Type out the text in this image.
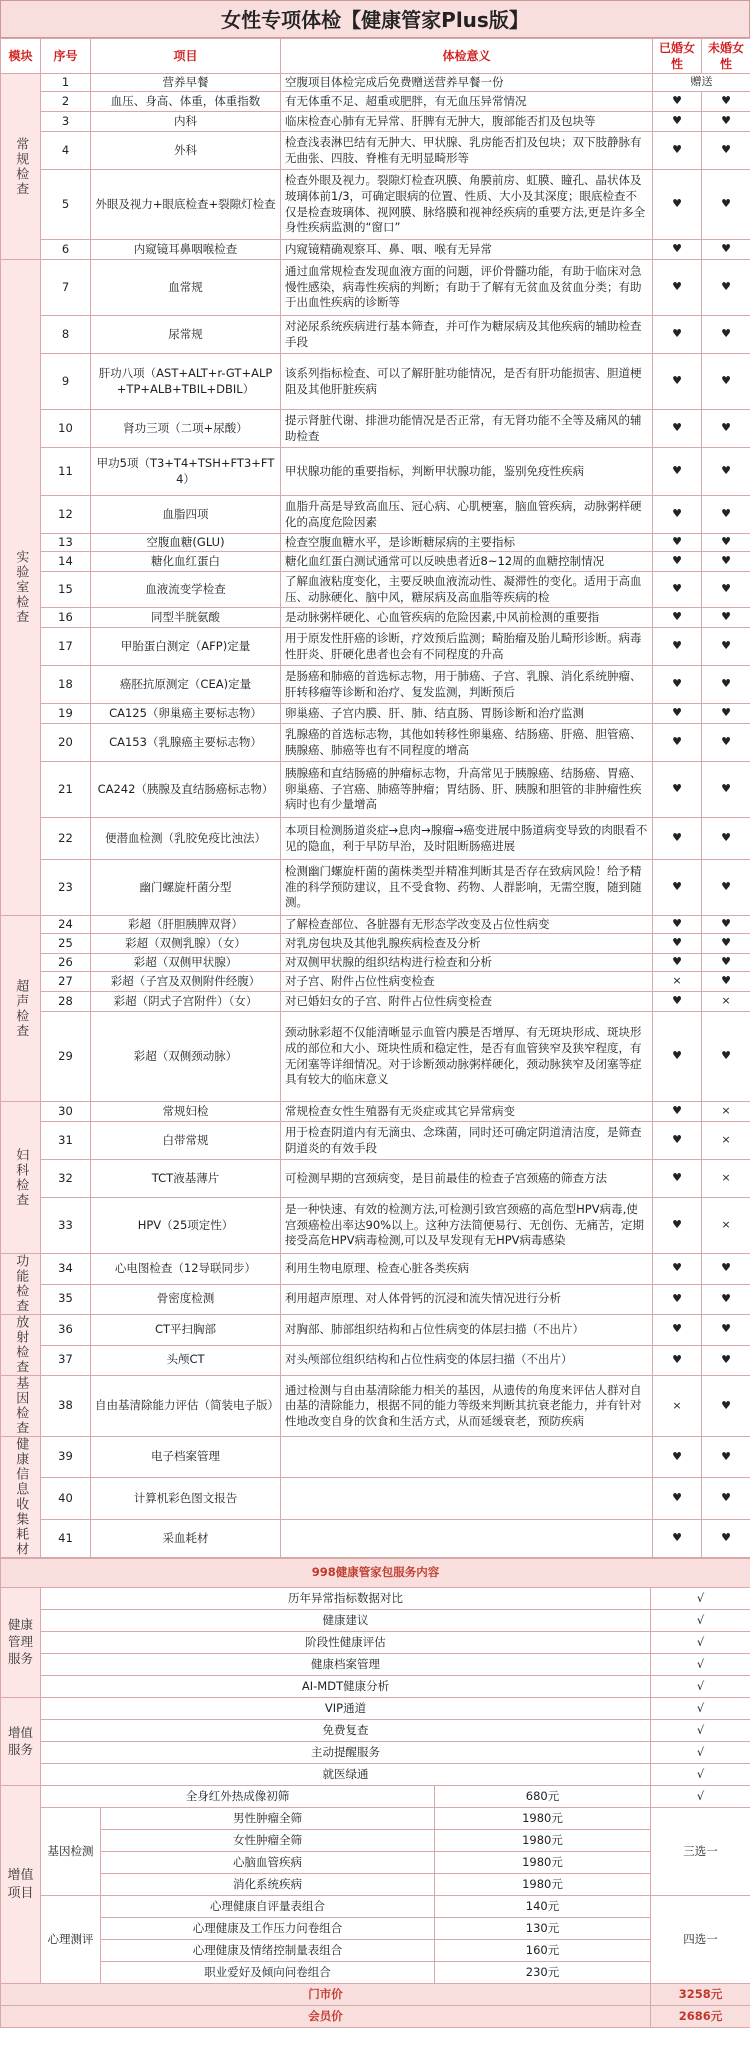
女性专项体检【健康管家Plus版】
模块	序号	项目	体检意义	已婚女性	未婚女性

常规检查	1	营养早餐	空腹项目体检完成后免费赠送营养早餐一份	赠送	
	2	血压、身高、体重，体重指数	有无体重不足、超重或肥胖，有无血压异常情况	♥	♥
	3	内科	临床检查心肺有无异常、肝脾有无肿大，腹部能否扪及包块等	♥	♥
	4	外科	检查浅表淋巴结有无肿大、甲状腺、乳房能否扪及包块；双下肢静脉有无曲张、四肢、脊椎有无明显畸形等	♥	♥
	5	外眼及视力+眼底检查+裂隙灯检查	检查外眼及视力。裂隙灯检查巩膜、角膜前房、虹膜、瞳孔、晶状体及玻璃体前1/3，可确定眼病的位置、性质、大小及其深度；眼底检查不仅是检查玻璃体、视网膜、脉络膜和视神经疾病的重要方法,更是许多全身性疾病监测的“窗口”	♥	♥
	6	内窥镜耳鼻咽喉检查	内窥镜精确观察耳、鼻、咽、喉有无异常	♥	♥

实验室检查	7	血常规	通过血常规检查发现血液方面的问题，评价骨髓功能，有助于临床对急慢性感染，病毒性疾病的判断；有助于了解有无贫血及贫血分类；有助于出血性疾病的诊断等	♥	♥
	8	尿常规	对泌尿系统疾病进行基本筛查，并可作为糖尿病及其他疾病的辅助检查手段	♥	♥
	9	肝功八项（AST+ALT+r-GT+ALP+TP+ALB+TBIL+DBIL）	该系列指标检查、可以了解肝脏功能情况，是否有肝功能损害、胆道梗阻及其他肝脏疾病	♥	♥
	10	肾功三项（二项+尿酸）	提示肾脏代谢、排泄功能情况是否正常，有无肾功能不全等及痛风的辅助检查	♥	♥
	11	甲功5项（T3+T4+TSH+FT3+FT4）	甲状腺功能的重要指标，判断甲状腺功能，鉴别免疫性疾病	♥	♥
	12	血脂四项	血脂升高是导致高血压、冠心病、心肌梗塞，脑血管疾病，动脉粥样硬化的高度危险因素	♥	♥
	13	空腹血糖(GLU)	检查空腹血糖水平，是诊断糖尿病的主要指标	♥	♥
	14	糖化血红蛋白	糖化血红蛋白测试通常可以反映患者近8~12周的血糖控制情况	♥	♥
	15	血液流变学检查	了解血液粘度变化，主要反映血液流动性、凝滞性的变化。适用于高血压、动脉硬化、脑中风，糖尿病及高血脂等疾病的检	♥	♥
	16	同型半胱氨酸	是动脉粥样硬化、心血管疾病的危险因素,中风前检测的重要指	♥	♥
	17	甲胎蛋白测定（AFP)定量	用于原发性肝癌的诊断，疗效预后监测；畸胎瘤及胎儿畸形诊断。病毒性肝炎、肝硬化患者也会有不同程度的升高	♥	♥
	18	癌胚抗原测定（CEA)定量	是肠癌和肺癌的首选标志物，用于肺癌、子宫、乳腺、消化系统肿瘤、肝转移瘤等诊断和治疗、复发监测，判断预后	♥	♥
	19	CA125（卵巢癌主要标志物）	卵巢癌、子宫内膜、肝、肺、结直肠、胃肠诊断和治疗监测	♥	♥
	20	CA153（乳腺癌主要标志物）	乳腺癌的首选标志物，其他如转移性卵巢癌、结肠癌、肝癌、胆管癌、胰腺癌、肺癌等也有不同程度的增高	♥	♥
	21	CA242（胰腺及直结肠癌标志物）	胰腺癌和直结肠癌的肿瘤标志物，升高常见于胰腺癌、结肠癌、胃癌、卵巢癌、子宫癌、肺癌等肿瘤；胃结肠、肝、胰腺和胆管的非肿瘤性疾病时也有少量增高	♥	♥
	22	便潜血检测（乳胶免疫比浊法）	本项目检测肠道炎症→息肉→腺瘤→癌变进展中肠道病变导致的肉眼看不见的隐血，利于早防早治，及时阻断肠癌进展	♥	♥
	23	幽门螺旋杆菌分型	检测幽门螺旋杆菌的菌株类型并精准判断其是否存在致病风险！给予精准的科学预防建议，且不受食物、药物、人群影响，无需空腹，随到随测。	♥	♥

超声检查	24	彩超（肝胆胰脾双肾）	了解检查部位、各脏器有无形态学改变及占位性病变	♥	♥
	25	彩超（双侧乳腺）（女）	对乳房包块及其他乳腺疾病检查及分析	♥	♥
	26	彩超（双侧甲状腺）	对双侧甲状腺的组织结构进行检查和分析	♥	♥
	27	彩超（子宫及双侧附件经腹）	对子宫、附件占位性病变检查	×	♥
	28	彩超（阴式子宫附件）（女）	对已婚妇女的子宫、附件占位性病变检查	♥	×
	29	彩超（双侧颈动脉）	颈动脉彩超不仅能清晰显示血管内膜是否增厚、有无斑块形成、斑块形成的部位和大小、斑块性质和稳定性，是否有血管狭窄及狭窄程度，有无闭塞等详细情况。对于诊断颈动脉粥样硬化，颈动脉狭窄及闭塞等症具有较大的临床意义	♥	♥

妇科检查	30	常规妇检	常规检查女性生殖器有无炎症或其它异常病变	♥	×
	31	白带常规	用于检查阴道内有无滴虫、念珠菌，同时还可确定阴道清洁度，是筛查阴道炎的有效手段	♥	×
	32	TCT液基薄片	可检测早期的宫颈病变，是目前最佳的检查子宫颈癌的筛查方法	♥	×
	33	HPV（25项定性）	是一种快速、有效的检测方法,可检测引致宫颈癌的高危型HPV病毒,使宫颈癌检出率达90%以上。这种方法简便易行、无创伤、无痛苦，定期接受高危HPV病毒检测,可以及早发现有无HPV病毒感染	♥	×

功能检查	34	心电图检查（12导联同步）	利用生物电原理、检查心脏各类疾病	♥	♥
	35	骨密度检测	利用超声原理、对人体骨钙的沉浸和流失情况进行分析	♥	♥

放射检查	36	CT平扫胸部	对胸部、肺部组织结构和占位性病变的体层扫描（不出片）	♥	♥
	37	头颅CT	对头颅部位组织结构和占位性病变的体层扫描（不出片）	♥	♥

基因检查	38	自由基清除能力评估（简装电子版）	通过检测与自由基清除能力相关的基因，从遗传的角度来评估人群对自由基的清除能力，根据不同的能力等级来判断其抗衰老能力，并有针对性地改变自身的饮食和生活方式，从而延缓衰老，预防疾病	×	♥

健康信息收集耗材	39	电子档案管理		♥	♥
	40	计算机彩色图文报告		♥	♥
	41	采血耗材		♥	♥
998健康管家包服务内容				
健康管理服务	历年异常指标数据对比			√
	健康建议			√
	阶段性健康评估			√
	健康档案管理			√
	AI-MDT健康分析			√
增值服务	VIP通道			√
	免费复查			√
	主动提醒服务			√
	就医绿通			√
增值项目	全身红外热成像初筛		680元	√
	基因检测	男性肿瘤全筛	1980元	三选一
		女性肿瘤全筛	1980元	
		心脑血管疾病	1980元	
		消化系统疾病	1980元	
	心理测评	心理健康自评量表组合	140元	四选一
		心理健康及工作压力问卷组合	130元	
		心理健康及情绪控制量表组合	160元	
		职业爱好及倾向问卷组合	230元	
门市价				3258元
会员价				2686元
